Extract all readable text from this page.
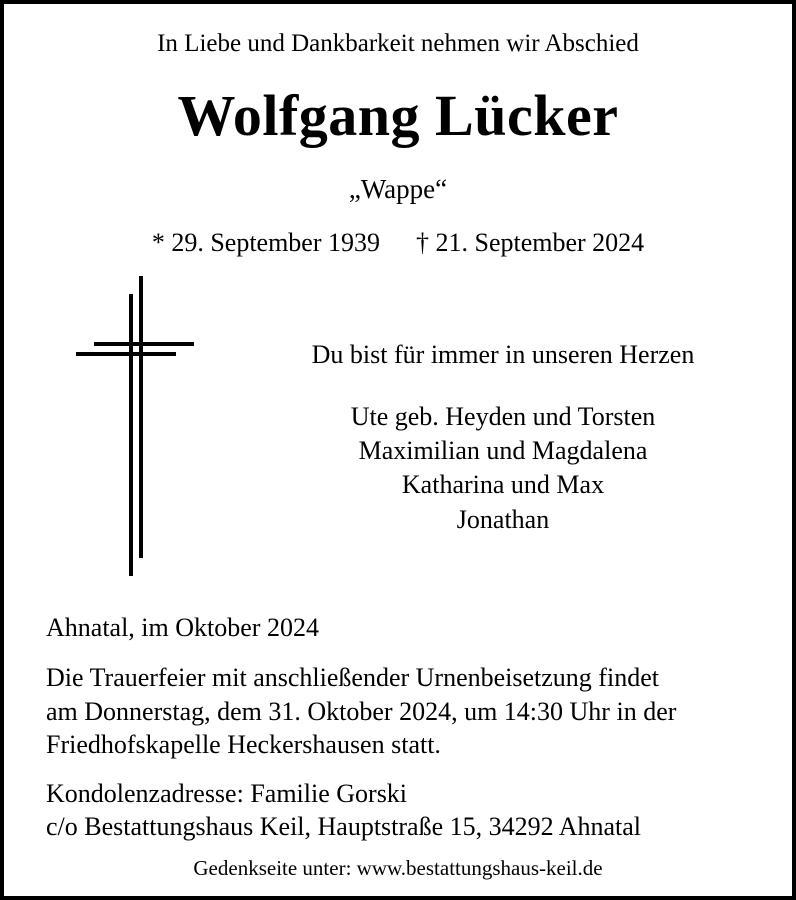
In Liebe und Dankbarkeit nehmen wir Abschied
Wolfgang Lücker
„Wappe“
* 29. September 1939 † 21. September 2024
Du bist für immer in unseren Herzen
Ute geb. Heyden und Torsten
Maximilian und Magdalena
Katharina und Max
Jonathan
Ahnatal, im Oktober 2024
Die Trauerfeier mit anschließender Urnenbeisetzung findet
am Donnerstag, dem 31. Oktober 2024, um 14:30 Uhr in der
Friedhofskapelle Heckershausen statt.
Kondolenzadresse: Familie Gorski
c/o Bestattungshaus Keil, Hauptstraße 15, 34292 Ahnatal
Gedenkseite unter: www.bestattungshaus-keil.de
